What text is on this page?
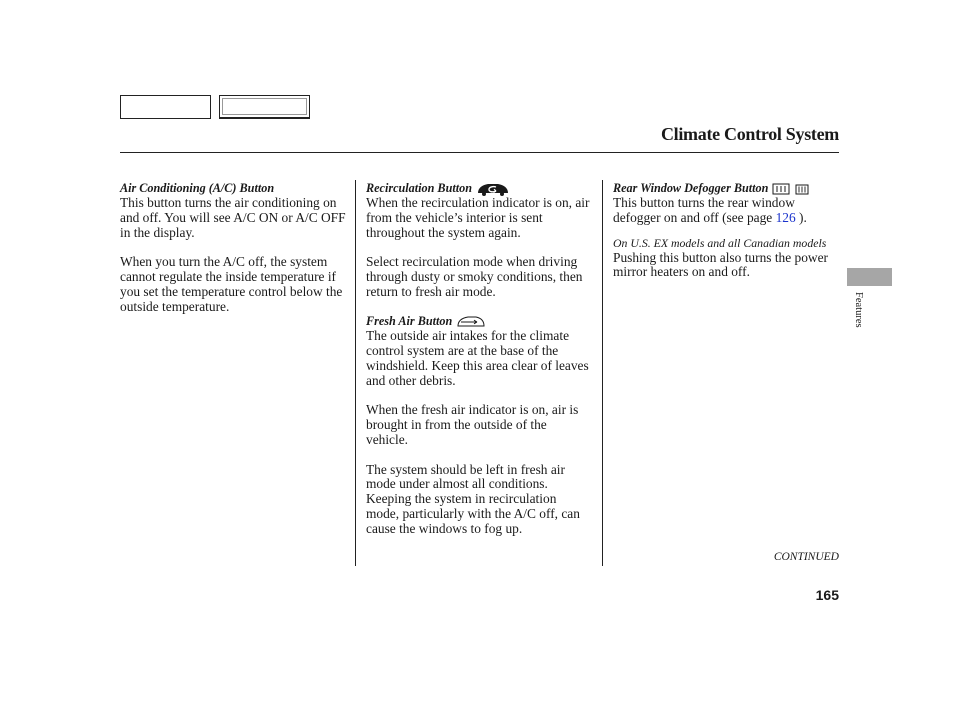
Climate Control System
Air Conditioning (A/C) Button

This button turns the air conditioning on and off. You will see A/C ON or A/C OFF in the display.

When you turn the A/C off, the system cannot regulate the inside temperature if you set the temperature control below the outside temperature.

Recirculation Button

When the recirculation indicator is on, air from the vehicle’s interior is sent throughout the system again.

Select recirculation mode when driving through dusty or smoky conditions, then return to fresh air mode.

Fresh Air Button

The outside air intakes for the climate control system are at the base of the windshield. Keep this area clear of leaves and other debris.

When the fresh air indicator is on, air is brought in from the outside of the vehicle.

The system should be left in fresh air mode under almost all conditions. Keeping the system in recirculation mode, particularly with the A/C off, can cause the windows to fog up.

Rear Window Defogger Button

This button turns the rear window defogger on and off (see page 126 ).

On U.S. EX models and all Canadian models

Pushing this button also turns the power mirror heaters on and off.

Features
CONTINUED
165
